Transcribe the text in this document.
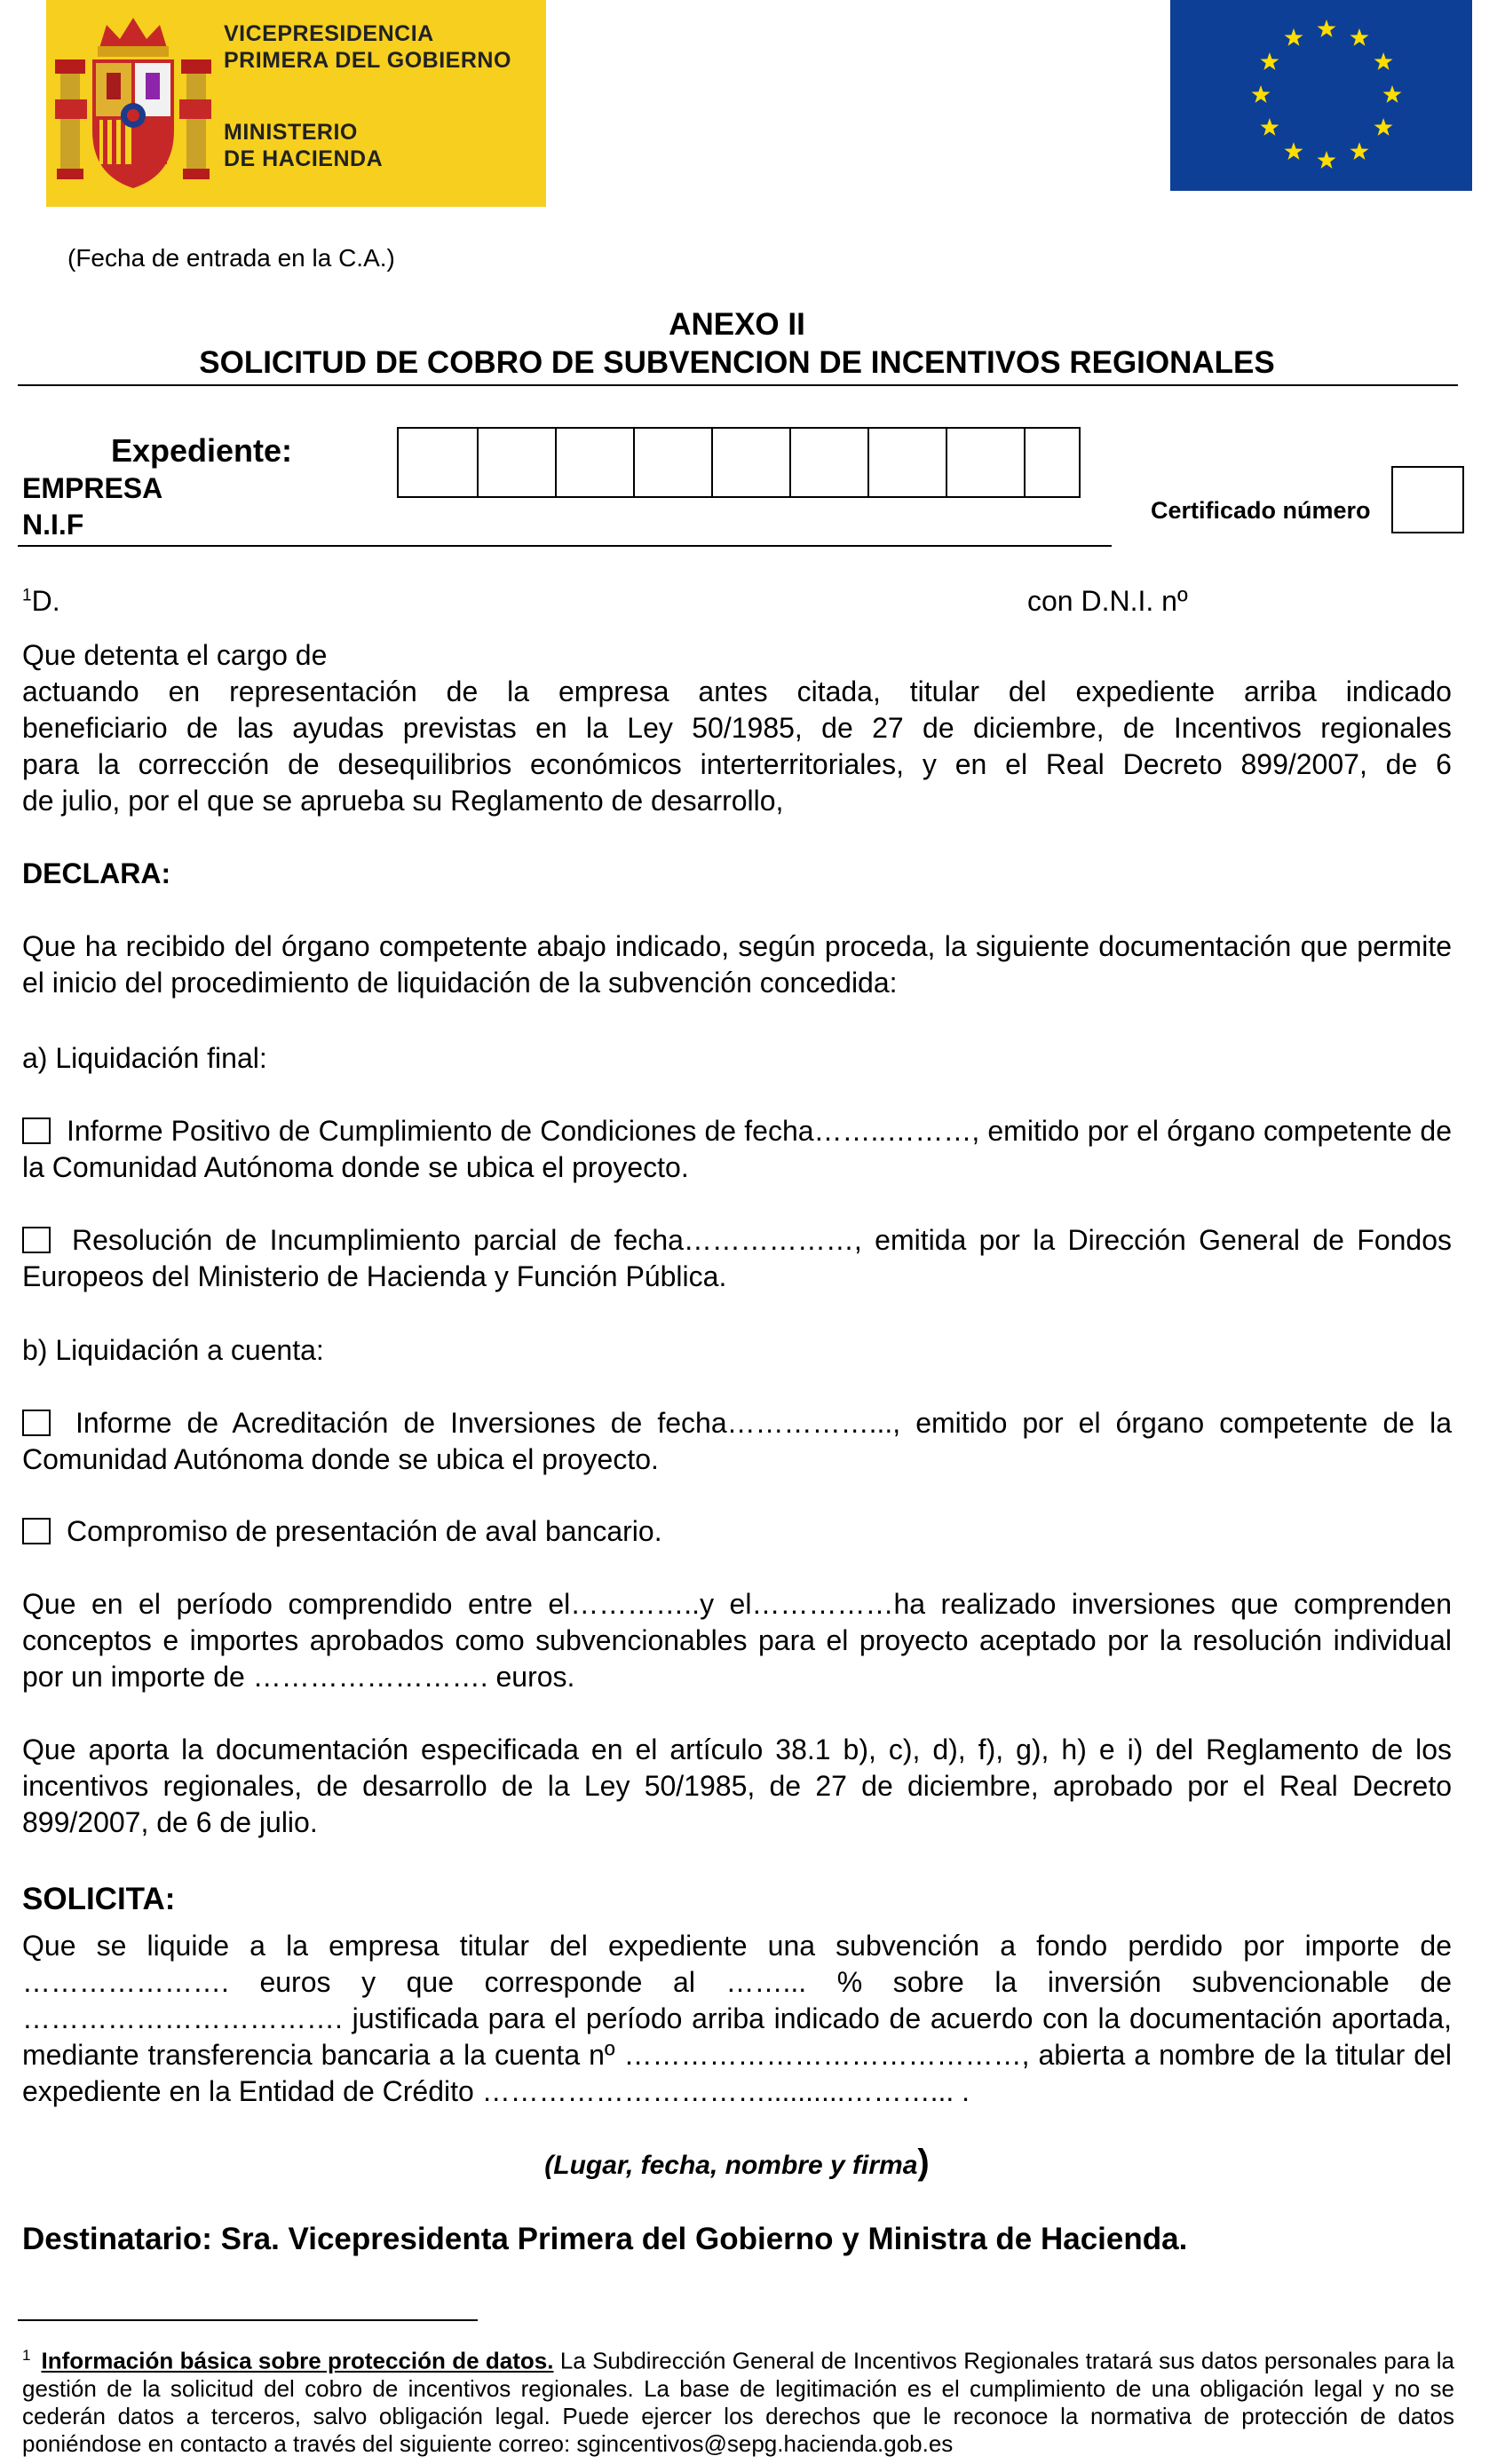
VICEPRESIDENCIA
PRIMERA DEL GOBIERNO
MINISTERIO
DE HACIENDA
(Fecha de entrada en la C.A.)
ANEXO II
SOLICITUD DE COBRO DE SUBVENCION DE INCENTIVOS REGIONALES
Expediente:
EMPRESA
N.I.F	Certificado número
$^1$D.	con D.N.I. nº
Que detenta el cargo de
actuando en representación de la empresa antes citada, titular del expediente arriba indicado
beneficiario de las ayudas previstas en la Ley 50/1985, de 27 de diciembre, de Incentivos regionales
para la corrección de desequilibrios económicos interterritoriales, y en el Real Decreto 899/2007, de 6
de julio, por el que se aprueba su Reglamento de desarrollo,
DECLARA:
Que ha recibido del órgano competente abajo indicado, según proceda, la siguiente documentación que permite el inicio del procedimiento de liquidación de la subvención concedida:
a) Liquidación final:
Informe Positivo de Cumplimiento de Condiciones de fecha……..………, emitido por el órgano competente de la Comunidad Autónoma donde se ubica el proyecto.
Resolución de Incumplimiento parcial de fecha………………, emitida por la Dirección General de Fondos Europeos del Ministerio de Hacienda y Función Pública.
b) Liquidación a cuenta:
Informe de Acreditación de Inversiones de fecha……………..., emitido por el órgano competente de la Comunidad Autónoma donde se ubica el proyecto.
Compromiso de presentación de aval bancario.
Que en el período comprendido entre el…………..y el……………ha realizado inversiones que comprenden conceptos e importes aprobados como subvencionables para el proyecto aceptado por la resolución individual por un importe de ……………………. euros.
Que aporta la documentación especificada en el artículo 38.1 b), c), d), f), g), h) e i) del Reglamento de los incentivos regionales, de desarrollo de la Ley 50/1985, de 27 de diciembre, aprobado por el Real Decreto 899/2007, de 6 de julio.
SOLICITA:
Que se liquide a la empresa titular del expediente una subvención a fondo perdido por importe de …………………. euros y que corresponde al ……... % sobre la inversión subvencionable de ……………………………. justificada para el período arriba indicado de acuerdo con la documentación aportada, mediante transferencia bancaria a la cuenta nº ……………………………………, abierta a nombre de la titular del expediente en la Entidad de Crédito …………………………..........………... .
(Lugar, fecha, nombre y firma)
Destinatario: Sra. Vicepresidenta Primera del Gobierno y Ministra de Hacienda.
$^1$ Información básica sobre protección de datos. La Subdirección General de Incentivos Regionales tratará sus datos personales para la gestión de la solicitud del cobro de incentivos regionales. La base de legitimación es el cumplimiento de una obligación legal y no se cederán datos a terceros, salvo obligación legal. Puede ejercer los derechos que le reconoce la normativa de protección de datos poniéndose en contacto a través del siguiente correo: sgincentivos@sepg.hacienda.gob.es
